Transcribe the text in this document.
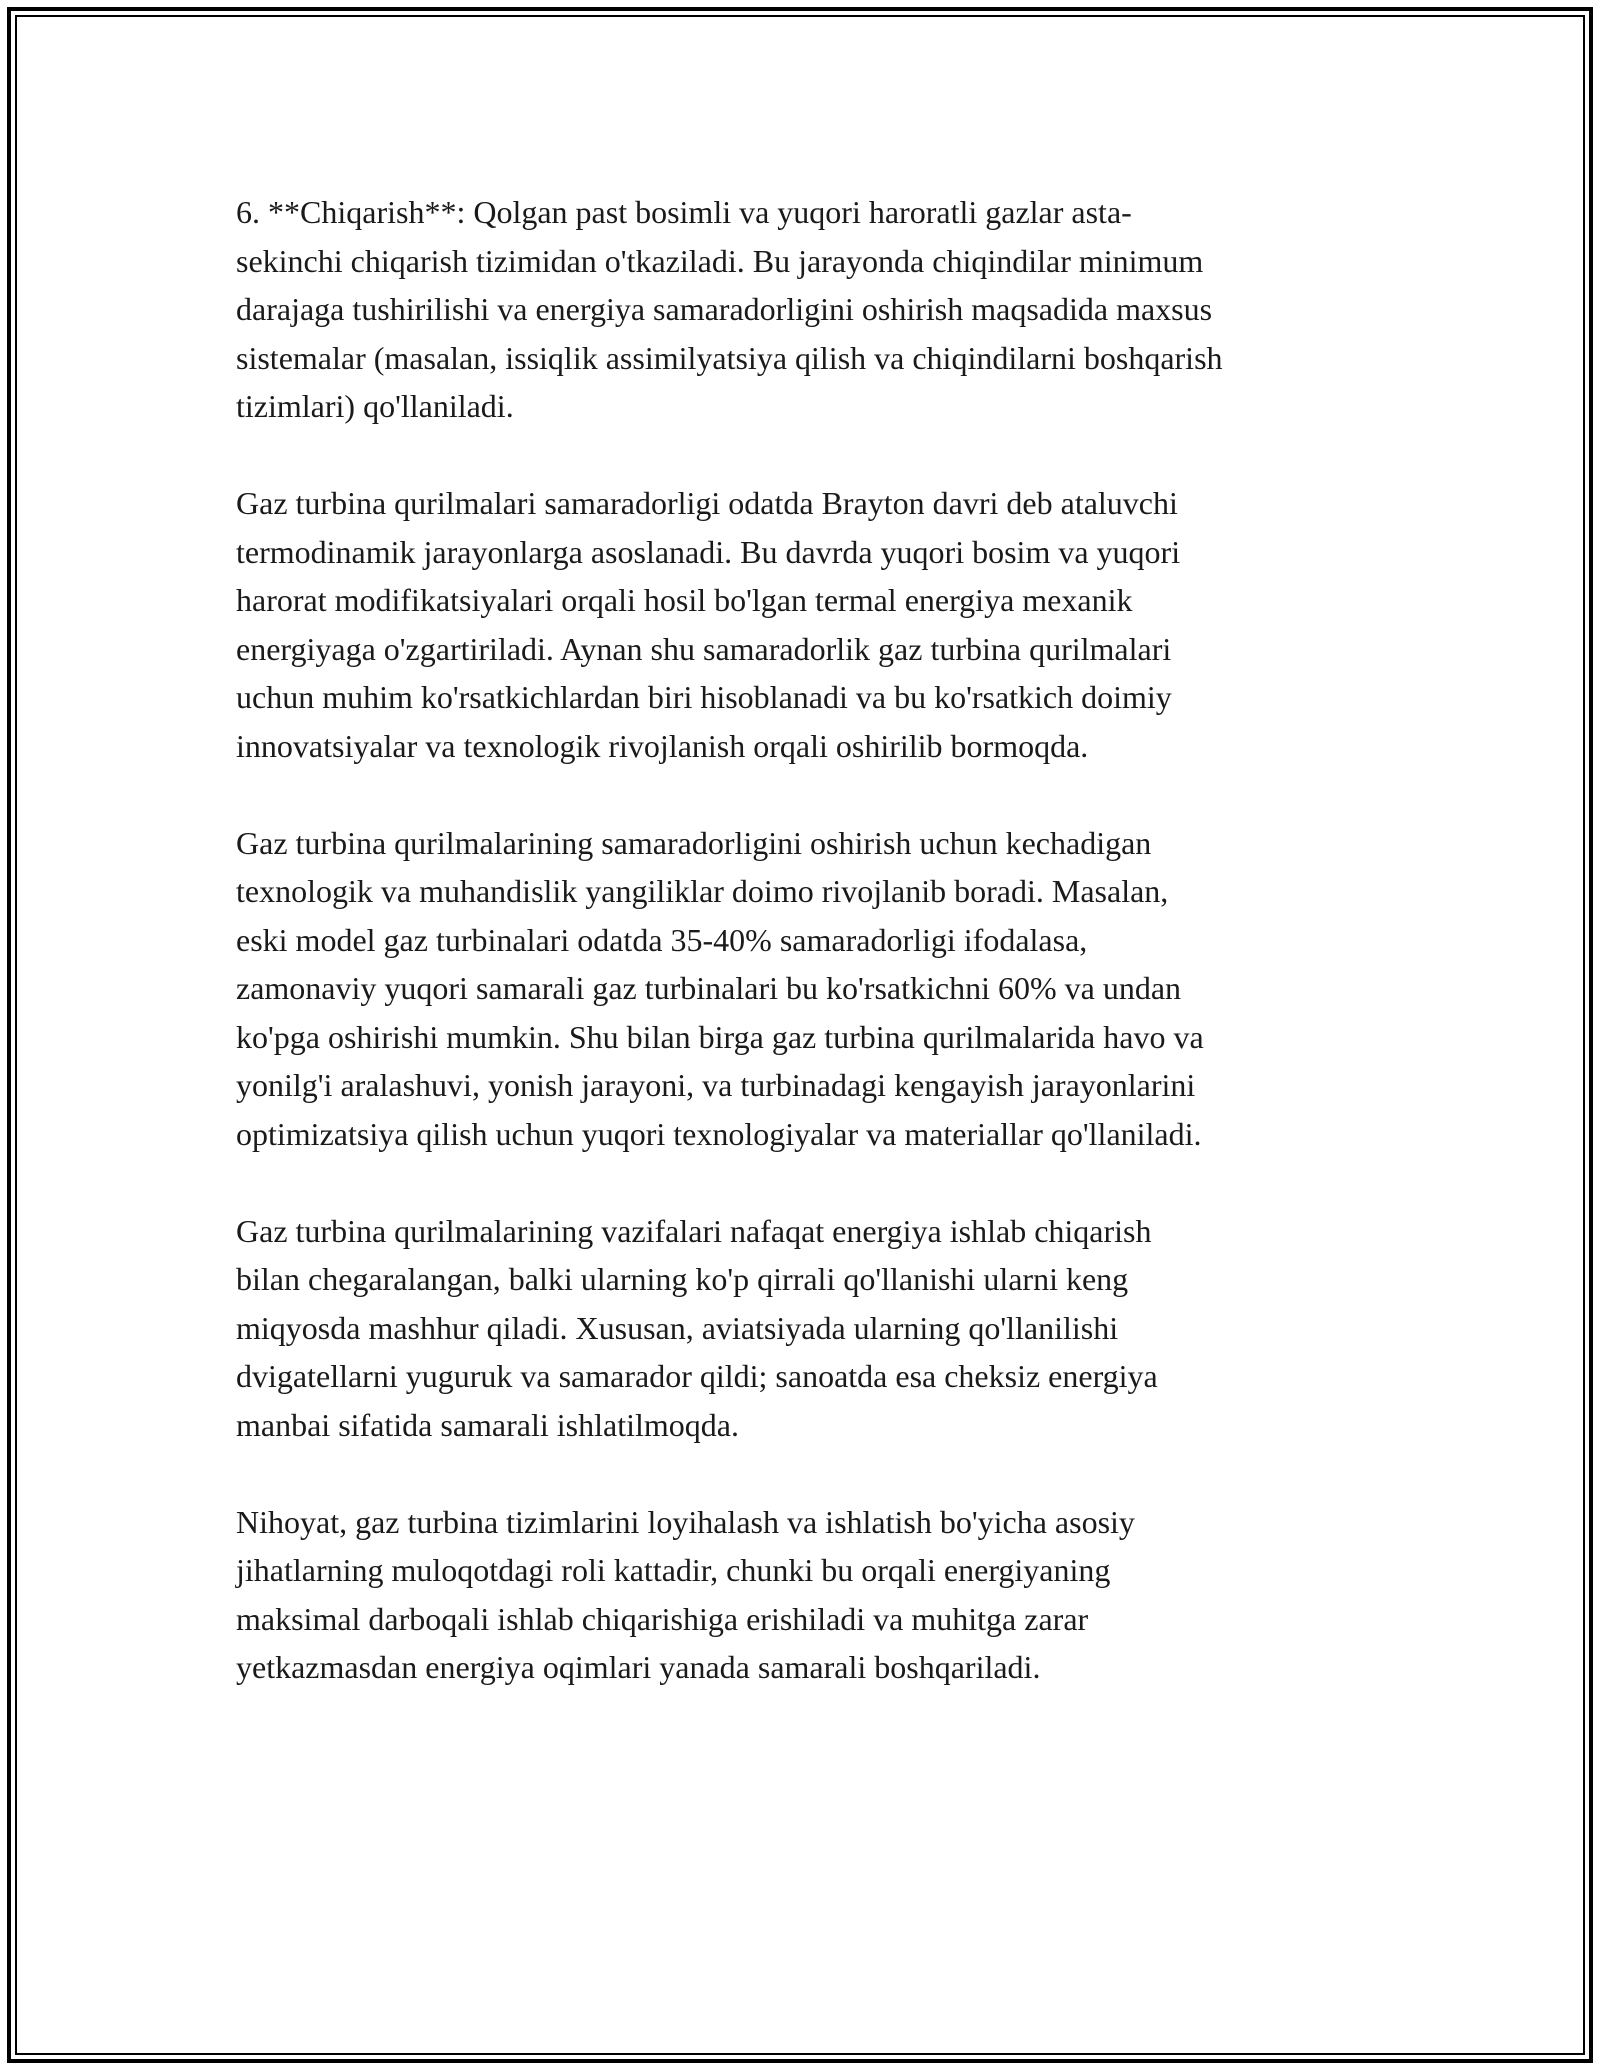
6. **Chiqarish**: Qolgan past bosimli va yuqori haroratli gazlar asta-
sekinchi chiqarish tizimidan o'tkaziladi. Bu jarayonda chiqindilar minimum
darajaga tushirilishi va energiya samaradorligini oshirish maqsadida maxsus
sistemalar (masalan, issiqlik assimilyatsiya qilish va chiqindilarni boshqarish
tizimlari) qo'llaniladi.
Gaz turbina qurilmalari samaradorligi odatda Brayton davri deb ataluvchi
termodinamik jarayonlarga asoslanadi. Bu davrda yuqori bosim va yuqori
harorat modifikatsiyalari orqali hosil bo'lgan termal energiya mexanik
energiyaga o'zgartiriladi. Aynan shu samaradorlik gaz turbina qurilmalari
uchun muhim ko'rsatkichlardan biri hisoblanadi va bu ko'rsatkich doimiy
innovatsiyalar va texnologik rivojlanish orqali oshirilib bormoqda.
Gaz turbina qurilmalarining samaradorligini oshirish uchun kechadigan
texnologik va muhandislik yangiliklar doimo rivojlanib boradi. Masalan,
eski model gaz turbinalari odatda 35-40% samaradorligi ifodalasa,
zamonaviy yuqori samarali gaz turbinalari bu ko'rsatkichni 60% va undan
ko'pga oshirishi mumkin. Shu bilan birga gaz turbina qurilmalarida havo va
yonilg'i aralashuvi, yonish jarayoni, va turbinadagi kengayish jarayonlarini
optimizatsiya qilish uchun yuqori texnologiyalar va materiallar qo'llaniladi.
Gaz turbina qurilmalarining vazifalari nafaqat energiya ishlab chiqarish
bilan chegaralangan, balki ularning ko'p qirrali qo'llanishi ularni keng
miqyosda mashhur qiladi. Xususan, aviatsiyada ularning qo'llanilishi
dvigatellarni yuguruk va samarador qildi; sanoatda esa cheksiz energiya
manbai sifatida samarali ishlatilmoqda.
Nihoyat, gaz turbina tizimlarini loyihalash va ishlatish bo'yicha asosiy
jihatlarning muloqotdagi roli kattadir, chunki bu orqali energiyaning
maksimal darboqali ishlab chiqarishiga erishiladi va muhitga zarar
yetkazmasdan energiya oqimlari yanada samarali boshqariladi.
